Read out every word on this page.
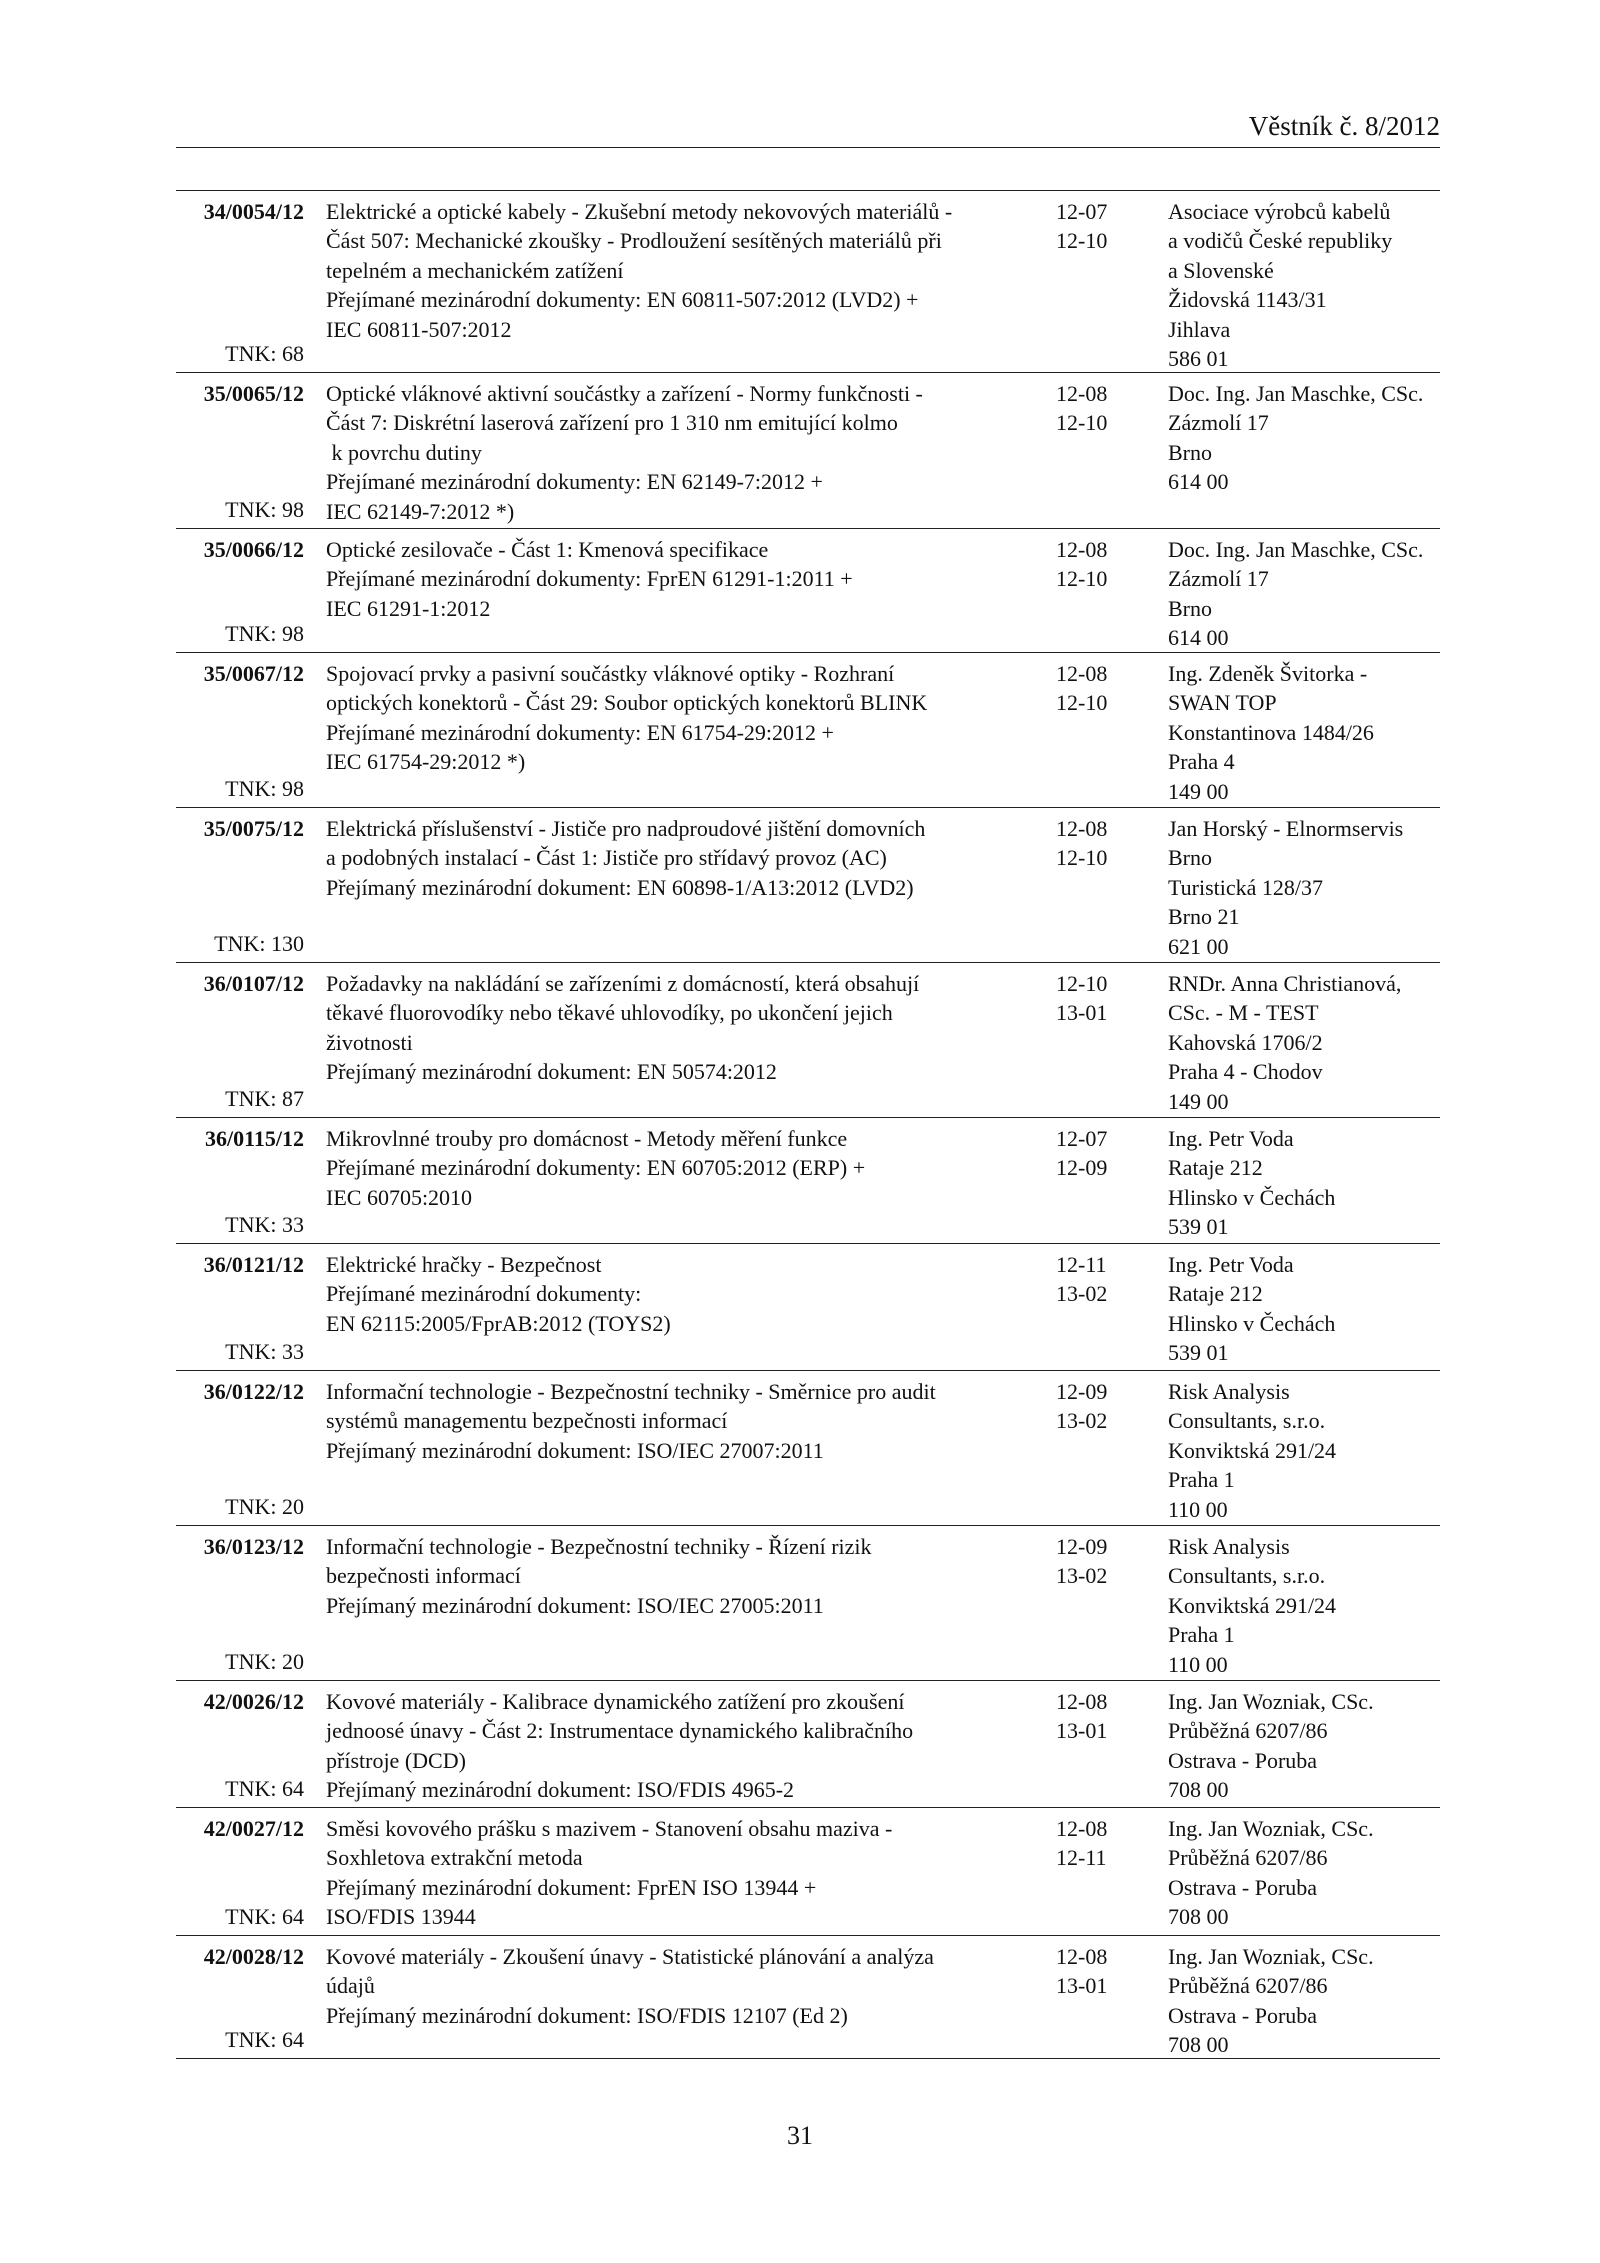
Věstník č. 8/2012
34/0054/12
TNK: 68
Elektrické a optické kabely - Zkušební metody nekovových materiálů -
Část 507: Mechanické zkoušky - Prodloužení sesítěných materiálů při
tepelném a mechanickém zatížení
Přejímané mezinárodní dokumenty: EN 60811-507:2012 (LVD2) +
IEC 60811-507:2012
12-07
12-10
Asociace výrobců kabelů
a vodičů České republiky
a Slovenské
Židovská 1143/31
Jihlava
586 01
35/0065/12
TNK: 98
Optické vláknové aktivní součástky a zařízení - Normy funkčnosti -
Část 7: Diskrétní laserová zařízení pro 1 310 nm emitující kolmo
k povrchu dutiny
Přejímané mezinárodní dokumenty: EN 62149-7:2012 +
IEC 62149-7:2012 *)
12-08
12-10
Doc. Ing. Jan Maschke, CSc.
Zázmolí 17
Brno
614 00
35/0066/12
TNK: 98
Optické zesilovače - Část 1: Kmenová specifikace
Přejímané mezinárodní dokumenty: FprEN 61291-1:2011 +
IEC 61291-1:2012
12-08
12-10
Doc. Ing. Jan Maschke, CSc.
Zázmolí 17
Brno
614 00
35/0067/12
TNK: 98
Spojovací prvky a pasivní součástky vláknové optiky - Rozhraní
optických konektorů - Část 29: Soubor optických konektorů BLINK
Přejímané mezinárodní dokumenty: EN 61754-29:2012 +
IEC 61754-29:2012 *)
12-08
12-10
Ing. Zdeněk Švitorka -
SWAN TOP
Konstantinova 1484/26
Praha 4
149 00
35/0075/12
TNK: 130
Elektrická příslušenství - Jističe pro nadproudové jištění domovních
a podobných instalací - Část 1: Jističe pro střídavý provoz (AC)
Přejímaný mezinárodní dokument: EN 60898-1/A13:2012 (LVD2)
12-08
12-10
Jan Horský - Elnormservis
Brno
Turistická 128/37
Brno 21
621 00
36/0107/12
TNK: 87
Požadavky na nakládání se zařízeními z domácností, která obsahují
těkavé fluorovodíky nebo těkavé uhlovodíky, po ukončení jejich
životnosti
Přejímaný mezinárodní dokument: EN 50574:2012
12-10
13-01
RNDr. Anna Christianová,
CSc. - M - TEST
Kahovská 1706/2
Praha 4 - Chodov
149 00
36/0115/12
TNK: 33
Mikrovlnné trouby pro domácnost - Metody měření funkce
Přejímané mezinárodní dokumenty: EN 60705:2012 (ERP) +
IEC 60705:2010
12-07
12-09
Ing. Petr Voda
Rataje 212
Hlinsko v Čechách
539 01
36/0121/12
TNK: 33
Elektrické hračky - Bezpečnost
Přejímané mezinárodní dokumenty:
EN 62115:2005/FprAB:2012 (TOYS2)
12-11
13-02
Ing. Petr Voda
Rataje 212
Hlinsko v Čechách
539 01
36/0122/12
TNK: 20
Informační technologie - Bezpečnostní techniky - Směrnice pro audit
systémů managementu bezpečnosti informací
Přejímaný mezinárodní dokument: ISO/IEC 27007:2011
12-09
13-02
Risk Analysis
Consultants, s.r.o.
Konviktská 291/24
Praha 1
110 00
36/0123/12
TNK: 20
Informační technologie - Bezpečnostní techniky - Řízení rizik
bezpečnosti informací
Přejímaný mezinárodní dokument: ISO/IEC 27005:2011
12-09
13-02
Risk Analysis
Consultants, s.r.o.
Konviktská 291/24
Praha 1
110 00
42/0026/12
TNK: 64
Kovové materiály - Kalibrace dynamického zatížení pro zkoušení
jednoosé únavy - Část 2: Instrumentace dynamického kalibračního
přístroje (DCD)
Přejímaný mezinárodní dokument: ISO/FDIS 4965-2
12-08
13-01
Ing. Jan Wozniak, CSc.
Průběžná 6207/86
Ostrava - Poruba
708 00
42/0027/12
TNK: 64
Směsi kovového prášku s mazivem - Stanovení obsahu maziva -
Soxhletova extrakční metoda
Přejímaný mezinárodní dokument: FprEN ISO 13944 +
ISO/FDIS 13944
12-08
12-11
Ing. Jan Wozniak, CSc.
Průběžná 6207/86
Ostrava - Poruba
708 00
42/0028/12
TNK: 64
Kovové materiály - Zkoušení únavy - Statistické plánování a analýza
údajů
Přejímaný mezinárodní dokument: ISO/FDIS 12107 (Ed 2)
12-08
13-01
Ing. Jan Wozniak, CSc.
Průběžná 6207/86
Ostrava - Poruba
708 00
31
